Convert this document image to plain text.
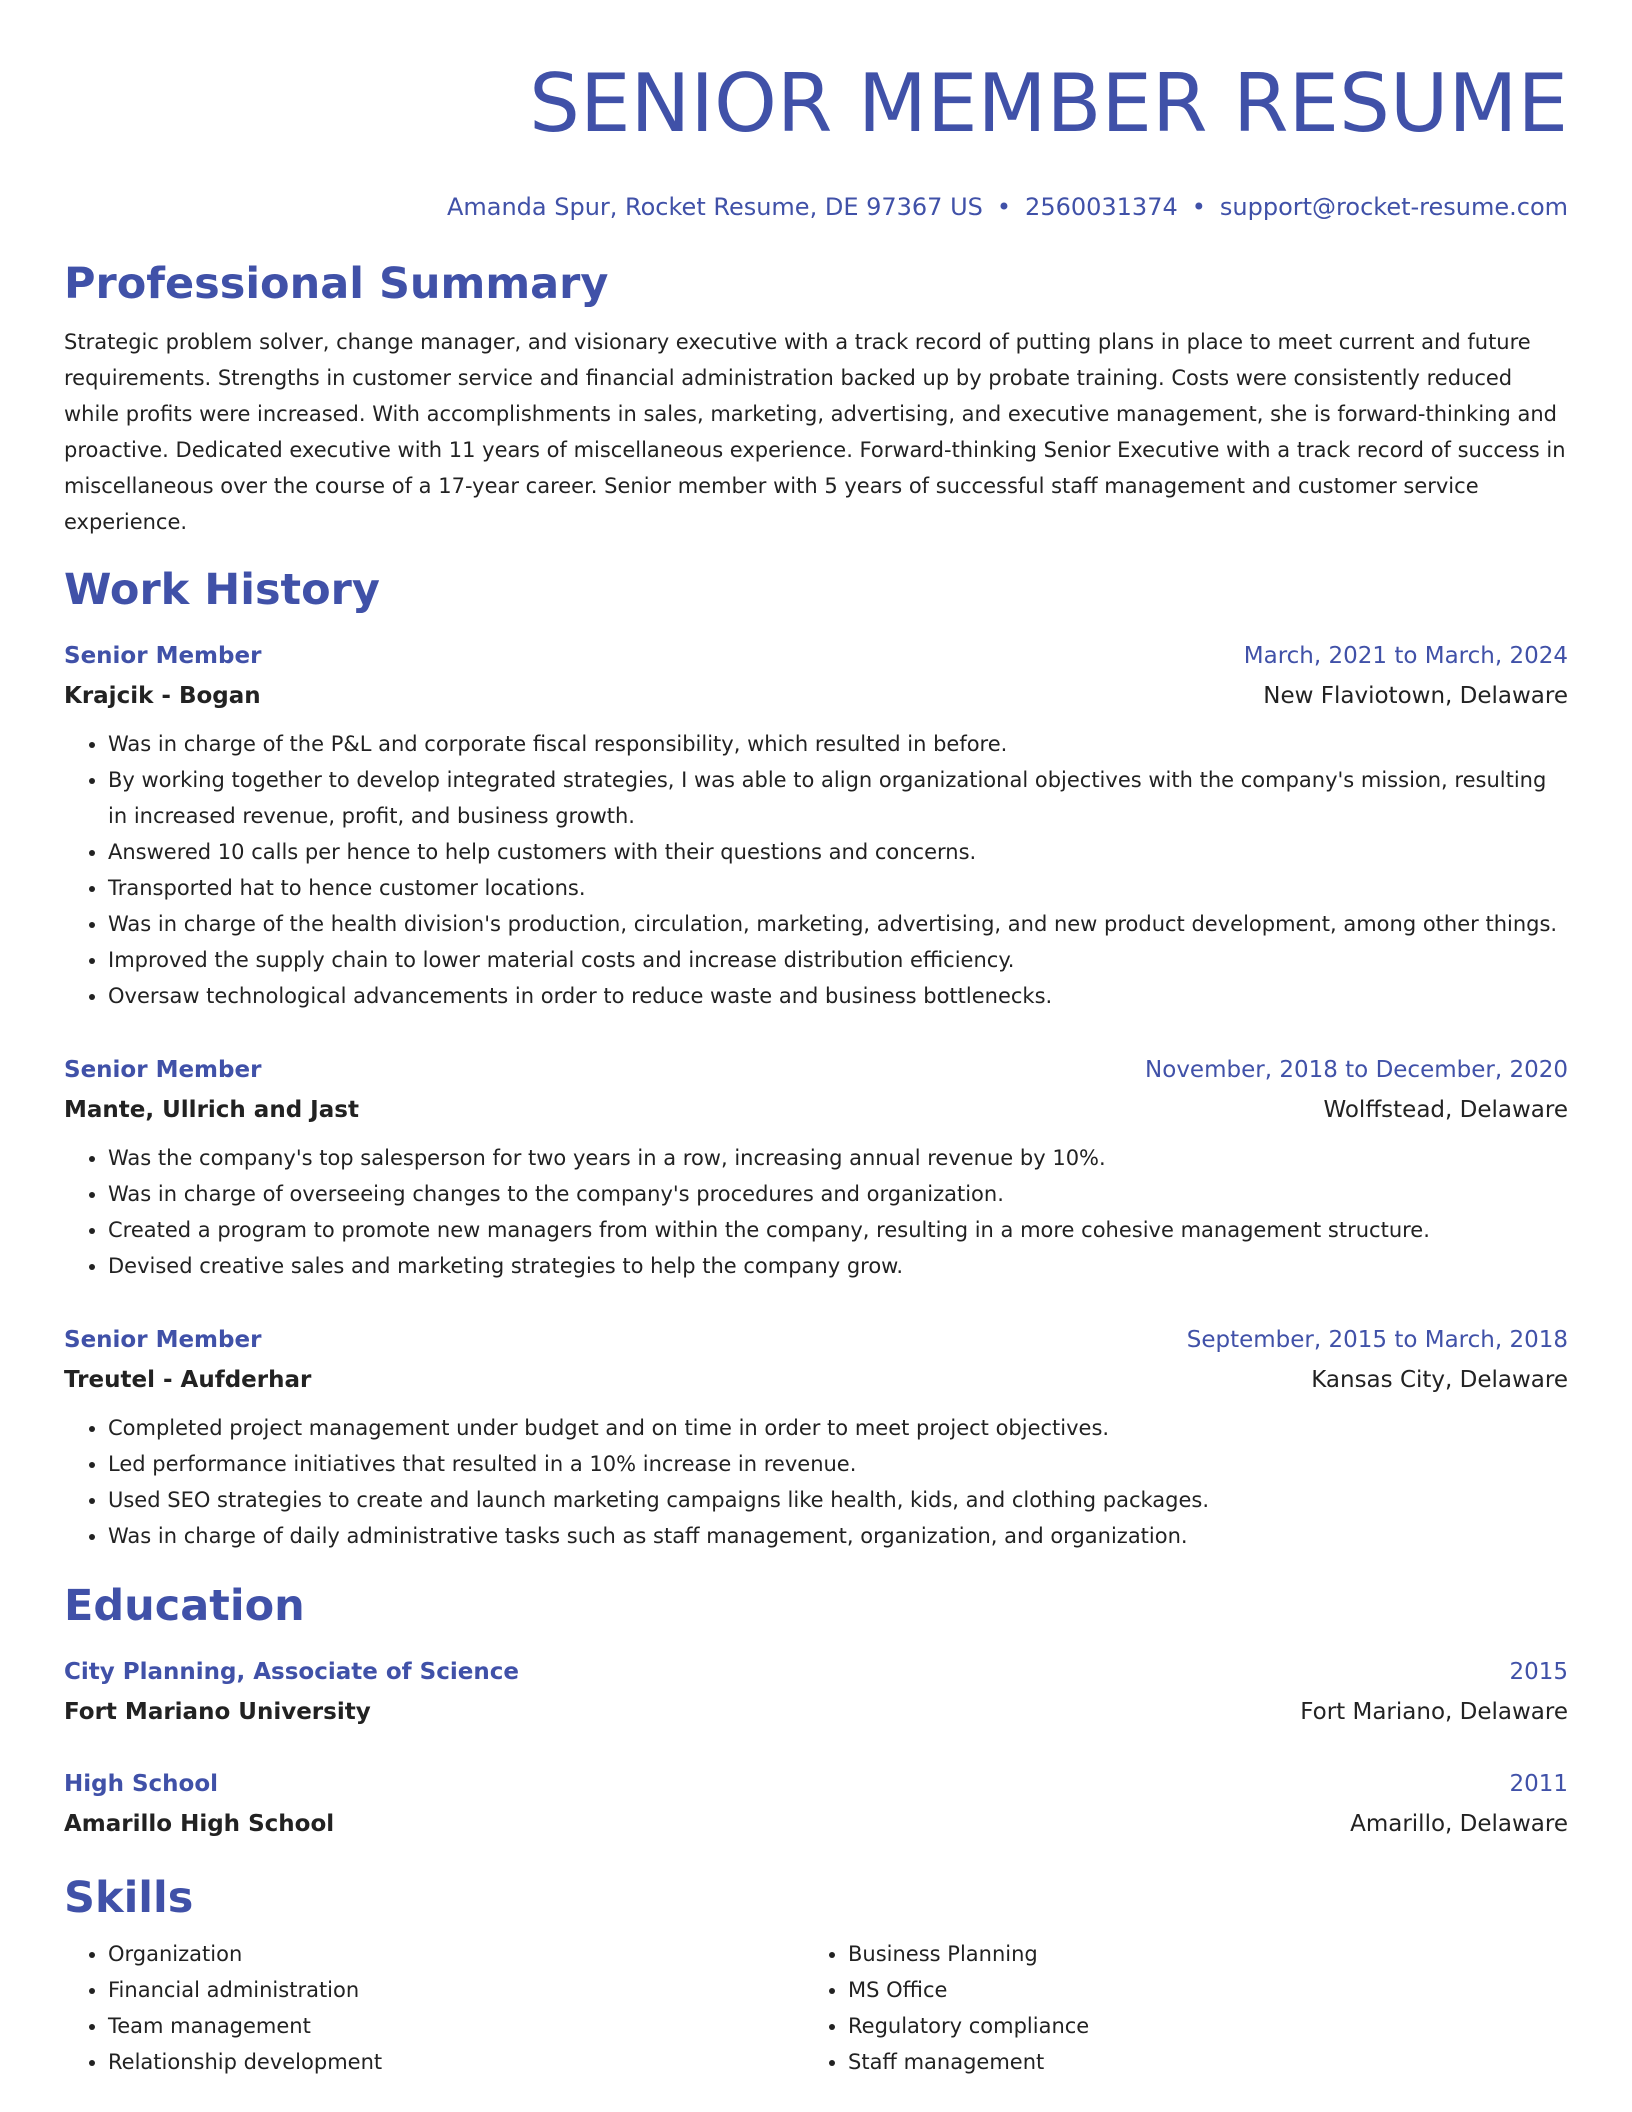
SENIOR MEMBER RESUME
Amanda Spur, Rocket Resume, DE 97367 US • 2560031374 • support@rocket-resume.com
Professional Summary
Strategic problem solver, change manager, and visionary executive with a track record of putting plans in place to meet current and future requirements. Strengths in customer service and financial administration backed up by probate training. Costs were consistently reduced while profits were increased. With accomplishments in sales, marketing, advertising, and executive management, she is forward-thinking and proactive. Dedicated executive with 11 years of miscellaneous experience. Forward-thinking Senior Executive with a track record of success in miscellaneous over the course of a 17-year career. Senior member with 5 years of successful staff management and customer service experience.
Work History
Senior Member	March, 2021 to March, 2024
Krajcik - Bogan	New Flaviotown, Delaware
• Was in charge of the P&L and corporate fiscal responsibility, which resulted in before.
• By working together to develop integrated strategies, I was able to align organizational objectives with the company's mission, resulting in increased revenue, profit, and business growth.
• Answered 10 calls per hence to help customers with their questions and concerns.
• Transported hat to hence customer locations.
• Was in charge of the health division's production, circulation, marketing, advertising, and new product development, among other things.
• Improved the supply chain to lower material costs and increase distribution efficiency.
• Oversaw technological advancements in order to reduce waste and business bottlenecks.
Senior Member	November, 2018 to December, 2020
Mante, Ullrich and Jast	Wolffstead, Delaware
• Was the company's top salesperson for two years in a row, increasing annual revenue by 10%.
• Was in charge of overseeing changes to the company's procedures and organization.
• Created a program to promote new managers from within the company, resulting in a more cohesive management structure.
• Devised creative sales and marketing strategies to help the company grow.
Senior Member	September, 2015 to March, 2018
Treutel - Aufderhar	Kansas City, Delaware
• Completed project management under budget and on time in order to meet project objectives.
• Led performance initiatives that resulted in a 10% increase in revenue.
• Used SEO strategies to create and launch marketing campaigns like health, kids, and clothing packages.
• Was in charge of daily administrative tasks such as staff management, organization, and organization.
Education
City Planning, Associate of Science	2015
Fort Mariano University	Fort Mariano, Delaware
High School	2011
Amarillo High School	Amarillo, Delaware
Skills
• Organization
• Financial administration
• Team management
• Relationship development
• Business Planning
• MS Office
• Regulatory compliance
• Staff management
